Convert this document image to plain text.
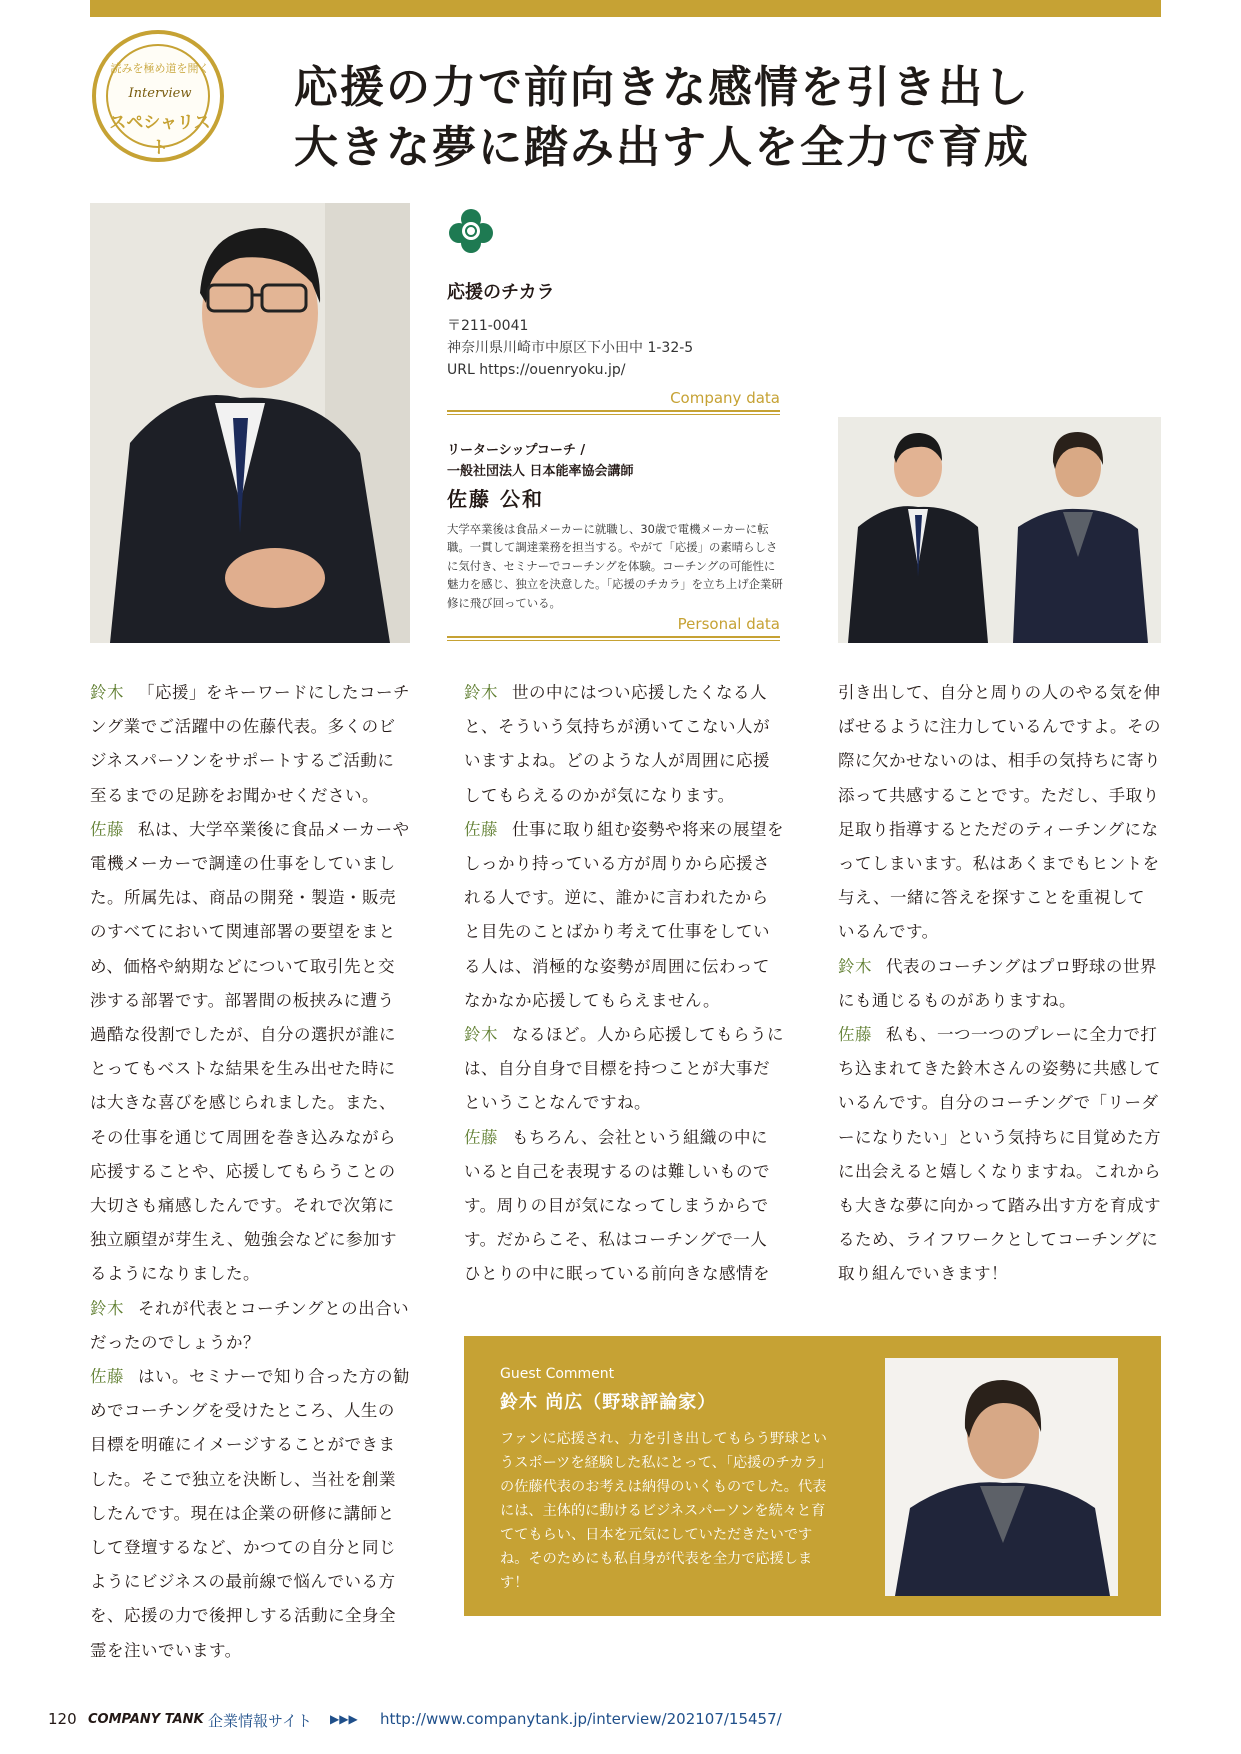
読みを極め道を開く
Interview
スペシャリスト
応援の力で前向きな感情を引き出し
大きな夢に踏み出す人を全力で育成
応援のチカラ
〒211-0041
神奈川県川崎市中原区下小田中 1-32-5
URL https://ouenryoku.jp/
Company data
リーターシップコーチ /
一般社団法人 日本能率協会講師
佐藤 公和
大学卒業後は食品メーカーに就職し、30歳で電機メーカーに転職。一貫して調達業務を担当する。やがて「応援」の素晴らしさに気付き、セミナーでコーチングを体験。コーチングの可能性に魅力を感じ、独立を決意した。「応援のチカラ」を立ち上げ企業研修に飛び回っている。
Personal data

鈴木 「応援」をキーワードにしたコーチング業でご活躍中の佐藤代表。多くのビジネスパーソンをサポートするご活動に至るまでの足跡をお聞かせください。

佐藤 私は、大学卒業後に食品メーカーや電機メーカーで調達の仕事をしていました。所属先は、商品の開発・製造・販売のすべてにおいて関連部署の要望をまとめ、価格や納期などについて取引先と交渉する部署です。部署間の板挟みに遭う過酷な役割でしたが、自分の選択が誰にとってもベストな結果を生み出せた時には大きな喜びを感じられました。また、その仕事を通じて周囲を巻き込みながら応援することや、応援してもらうことの大切さも痛感したんです。それで次第に独立願望が芽生え、勉強会などに参加するようになりました。

鈴木 それが代表とコーチングとの出合いだったのでしょうか？

佐藤 はい。セミナーで知り合った方の勧めでコーチングを受けたところ、人生の目標を明確にイメージすることができました。そこで独立を決断し、当社を創業したんです。現在は企業の研修に講師として登壇するなど、かつての自分と同じようにビジネスの最前線で悩んでいる方を、応援の力で後押しする活動に全身全霊を注いでいます。

鈴木 世の中にはつい応援したくなる人と、そういう気持ちが湧いてこない人がいますよね。どのような人が周囲に応援してもらえるのかが気になります。

佐藤 仕事に取り組む姿勢や将来の展望をしっかり持っている方が周りから応援される人です。逆に、誰かに言われたからと目先のことばかり考えて仕事をしている人は、消極的な姿勢が周囲に伝わってなかなか応援してもらえません。

鈴木 なるほど。人から応援してもらうには、自分自身で目標を持つことが大事だということなんですね。

佐藤 もちろん、会社という組織の中にいると自己を表現するのは難しいものです。周りの目が気になってしまうからです。だからこそ、私はコーチングで一人ひとりの中に眠っている前向きな感情を

引き出して、自分と周りの人のやる気を伸ばせるように注力しているんですよ。その際に欠かせないのは、相手の気持ちに寄り添って共感することです。ただし、手取り足取り指導するとただのティーチングになってしまいます。私はあくまでもヒントを与え、一緒に答えを探すことを重視しているんです。

鈴木 代表のコーチングはプロ野球の世界にも通じるものがありますね。

佐藤 私も、一つ一つのプレーに全力で打ち込まれてきた鈴木さんの姿勢に共感しているんです。自分のコーチングで「リーダーになりたい」という気持ちに目覚めた方に出会えると嬉しくなりますね。これからも大きな夢に向かって踏み出す方を育成するため、ライフワークとしてコーチングに取り組んでいきます！

Guest Comment
鈴木 尚広（野球評論家）
ファンに応援され、力を引き出してもらう野球というスポーツを経験した私にとって、「応援のチカラ」の佐藤代表のお考えは納得のいくものでした。代表には、主体的に動けるビジネスパーソンを続々と育ててもらい、日本を元気にしていただきたいですね。そのためにも私自身が代表を全力で応援します！
120 COMPANY TANK 企業情報サイト ▶▶▶ http://www.companytank.jp/interview/202107/15457/
